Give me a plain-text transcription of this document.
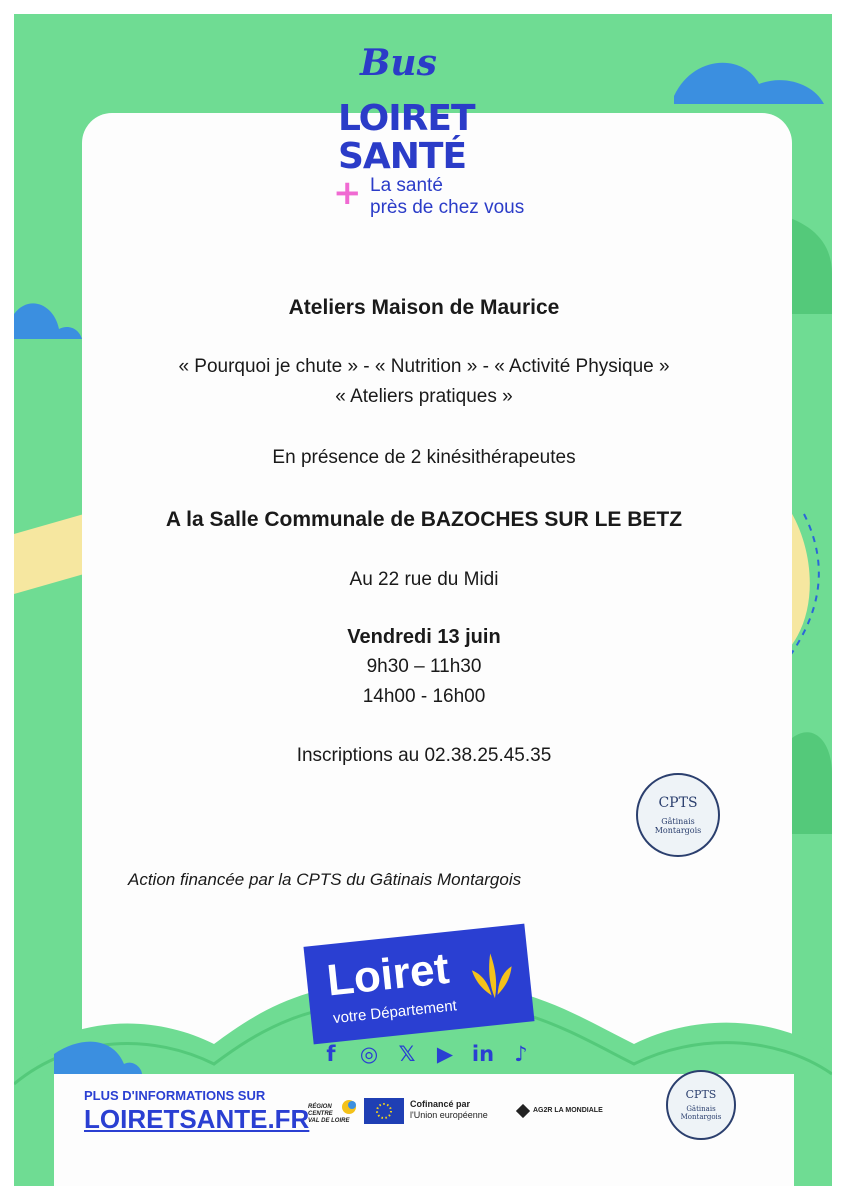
Bus
LOIRET
SANTÉ
+ La santé
près de chez vous
Ateliers Maison de Maurice
« Pourquoi je chute » - « Nutrition » - « Activité Physique »
« Ateliers pratiques »
En présence de 2 kinésithérapeutes
A la Salle Communale de BAZOCHES SUR LE BETZ
Au 22 rue du Midi
Vendredi 13 juin
9h30 – 11h30
14h00 - 16h00
Inscriptions au 02.38.25.45.35
CPTS
Gâtinais Montargois
Action financée par la CPTS du Gâtinais Montargois
Loiret
votre Département
f	◎ 𝕏 ▶ in ♪
PLUS D'INFORMATIONS SUR
LOIRETSANTE.FR
RÉGION
CENTRE
VAL DE LOIRE
Cofinancé par
l'Union européenne	AG2R LA MONDIALE
CPTS
Gâtinais Montargois
